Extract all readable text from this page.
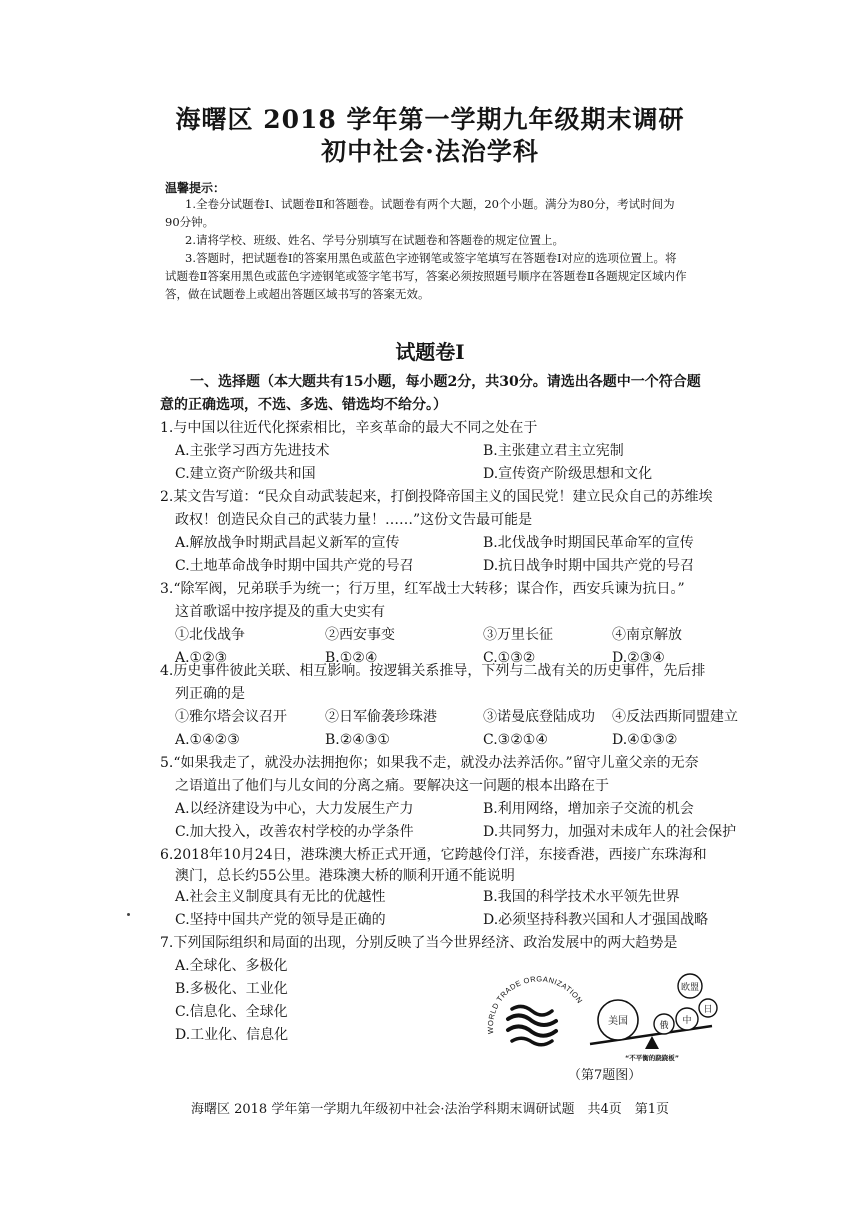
海曙区 2018 学年第一学期九年级期末调研
初中社会·法治学科
温馨提示：
1.全卷分试题卷Ⅰ、试题卷Ⅱ和答题卷。试题卷有两个大题，20个小题。满分为80分，考试时间为
90分钟。
2.请将学校、班级、姓名、学号分别填写在试题卷和答题卷的规定位置上。
3.答题时，把试题卷Ⅰ的答案用黑色或蓝色字迹钢笔或签字笔填写在答题卷Ⅰ对应的选项位置上。将
试题卷Ⅱ答案用黑色或蓝色字迹钢笔或签字笔书写，答案必须按照题号顺序在答题卷Ⅱ各题规定区域内作
答，做在试题卷上或超出答题区域书写的答案无效。
试题卷Ⅰ
一、选择题（本大题共有15小题，每小题2分，共30分。请选出各题中一个符合题
意的正确选项，不选、多选、错选均不给分。）
1.与中国以往近代化探索相比，辛亥革命的最大不同之处在于
A.主张学习西方先进技术	B.主张建立君主立宪制
C.建立资产阶级共和国	D.宣传资产阶级思想和文化
2.某文告写道：“民众自动武装起来，打倒投降帝国主义的国民党！建立民众自己的苏维埃
政权！创造民众自己的武装力量！……”这份文告最可能是
A.解放战争时期武昌起义新军的宣传	B.北伐战争时期国民革命军的宣传
C.土地革命战争时期中国共产党的号召	D.抗日战争时期中国共产党的号召
3.“除军阀，兄弟联手为统一；行万里，红军战士大转移；谋合作，西安兵谏为抗日。”
这首歌谣中按序提及的重大史实有
①北伐战争	②西安事变	③万里长征	④南京解放
A.①②③	B.①②④	C.①③②	D.②③④
4.历史事件彼此关联、相互影响。按逻辑关系推导，下列与二战有关的历史事件，先后排
列正确的是
①雅尔塔会议召开	②日军偷袭珍珠港	③诺曼底登陆成功 ④反法西斯同盟建立
A.①④②③	B.②④③①	C.③②①④	D.④①③②
5.“如果我走了，就没办法拥抱你；如果我不走，就没办法养活你。”留守儿童父亲的无奈
之语道出了他们与儿女间的分离之痛。要解决这一问题的根本出路在于
A.以经济建设为中心，大力发展生产力	B.利用网络，增加亲子交流的机会
C.加大投入，改善农村学校的办学条件	D.共同努力，加强对未成年人的社会保护
6.2018年10月24日，港珠澳大桥正式开通，它跨越伶仃洋，东接香港，西接广东珠海和
澳门，总长约55公里。港珠澳大桥的顺利开通不能说明
A.社会主义制度具有无比的优越性	B.我国的科学技术水平领先世界
C.坚持中国共产党的领导是正确的	D.必须坚持科教兴国和人才强国战略
7.下列国际组织和局面的出现，分别反映了当今世界经济、政治发展中的两大趋势是
A.全球化、多极化
B.多极化、工业化
C.信息化、全球化
D.工业化、信息化	WORLD TRADE ORGANIZATION
美国	俄 中
日
欧盟
“不平衡的跷跷板”
（第7题图）
海曙区 2018 学年第一学期九年级初中社会·法治学科期末调研试题　共4页　第1页
